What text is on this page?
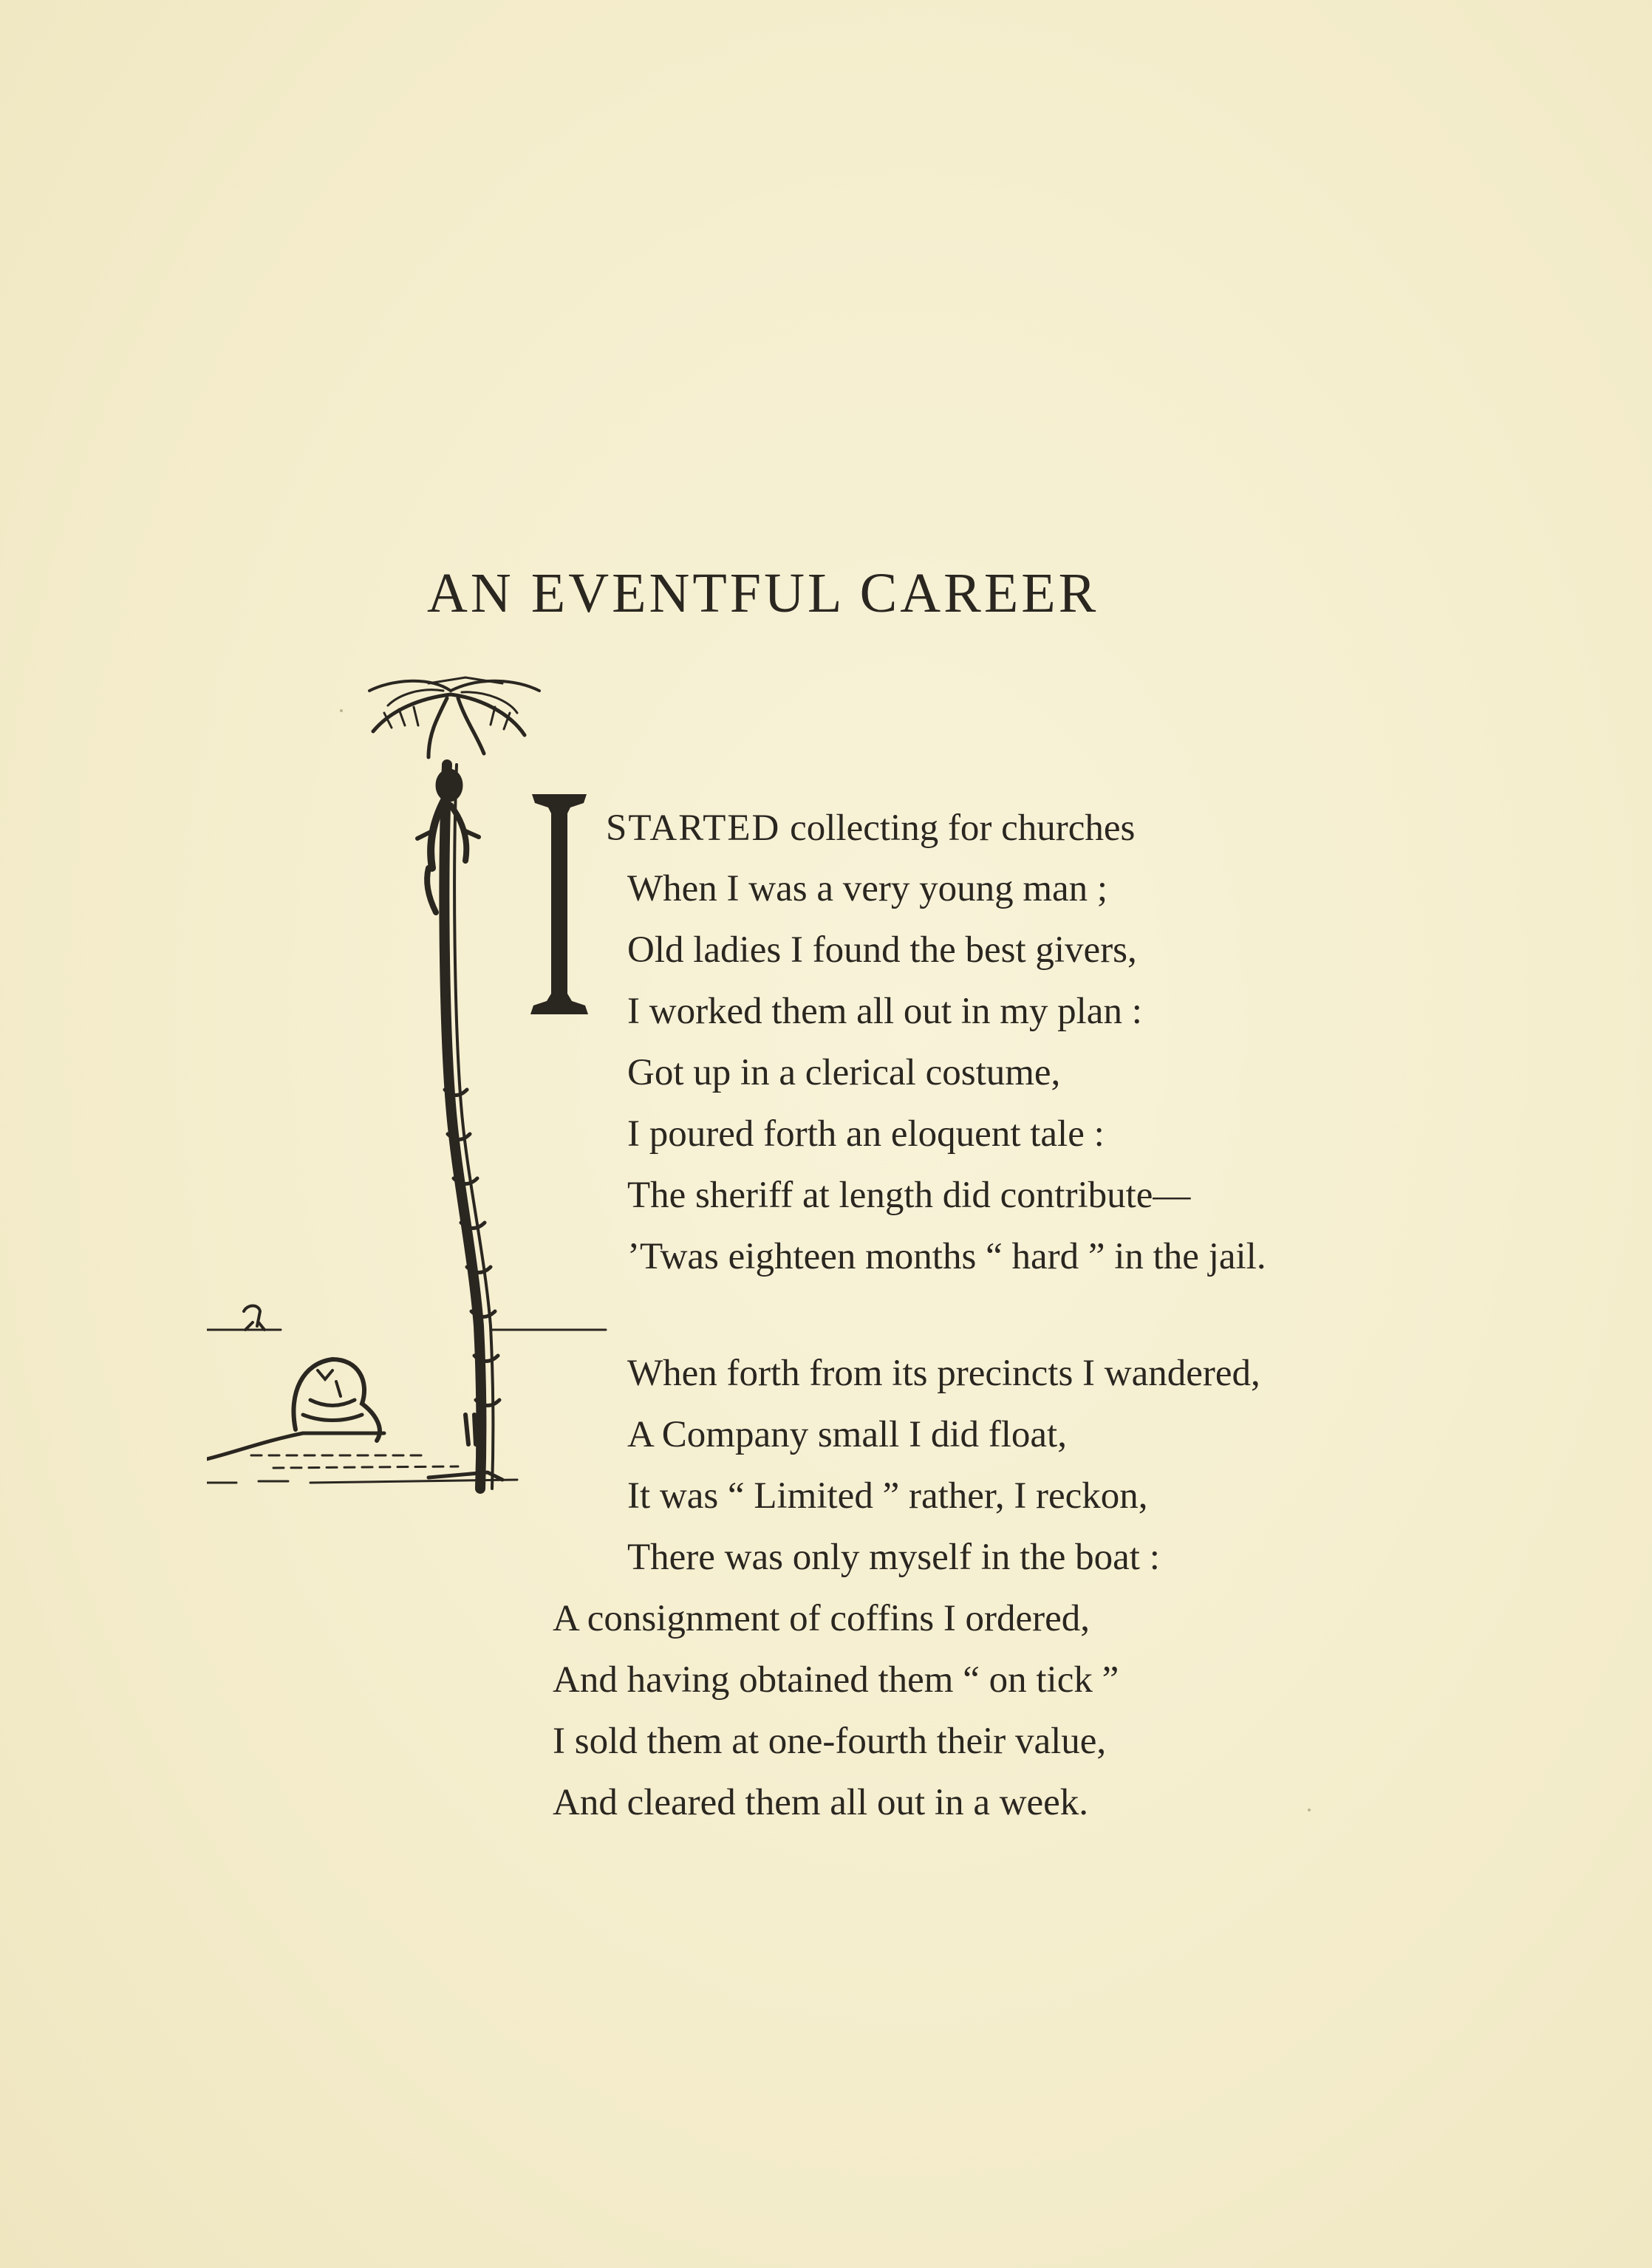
AN EVENTFUL CAREER
STARTED collecting for churches
When I was a very young man ;
Old ladies I found the best givers,
I worked them all out in my plan :
Got up in a clerical costume,
I poured forth an eloquent tale :
The sheriff at length did contribute—
’Twas eighteen months “ hard ” in the jail.
When forth from its precincts I wandered,
A Company small I did float,
It was “ Limited ” rather, I reckon,
There was only myself in the boat :
A consignment of coffins I ordered,
And having obtained them “ on tick ”
I sold them at one-fourth their value,
And cleared them all out in a week.
